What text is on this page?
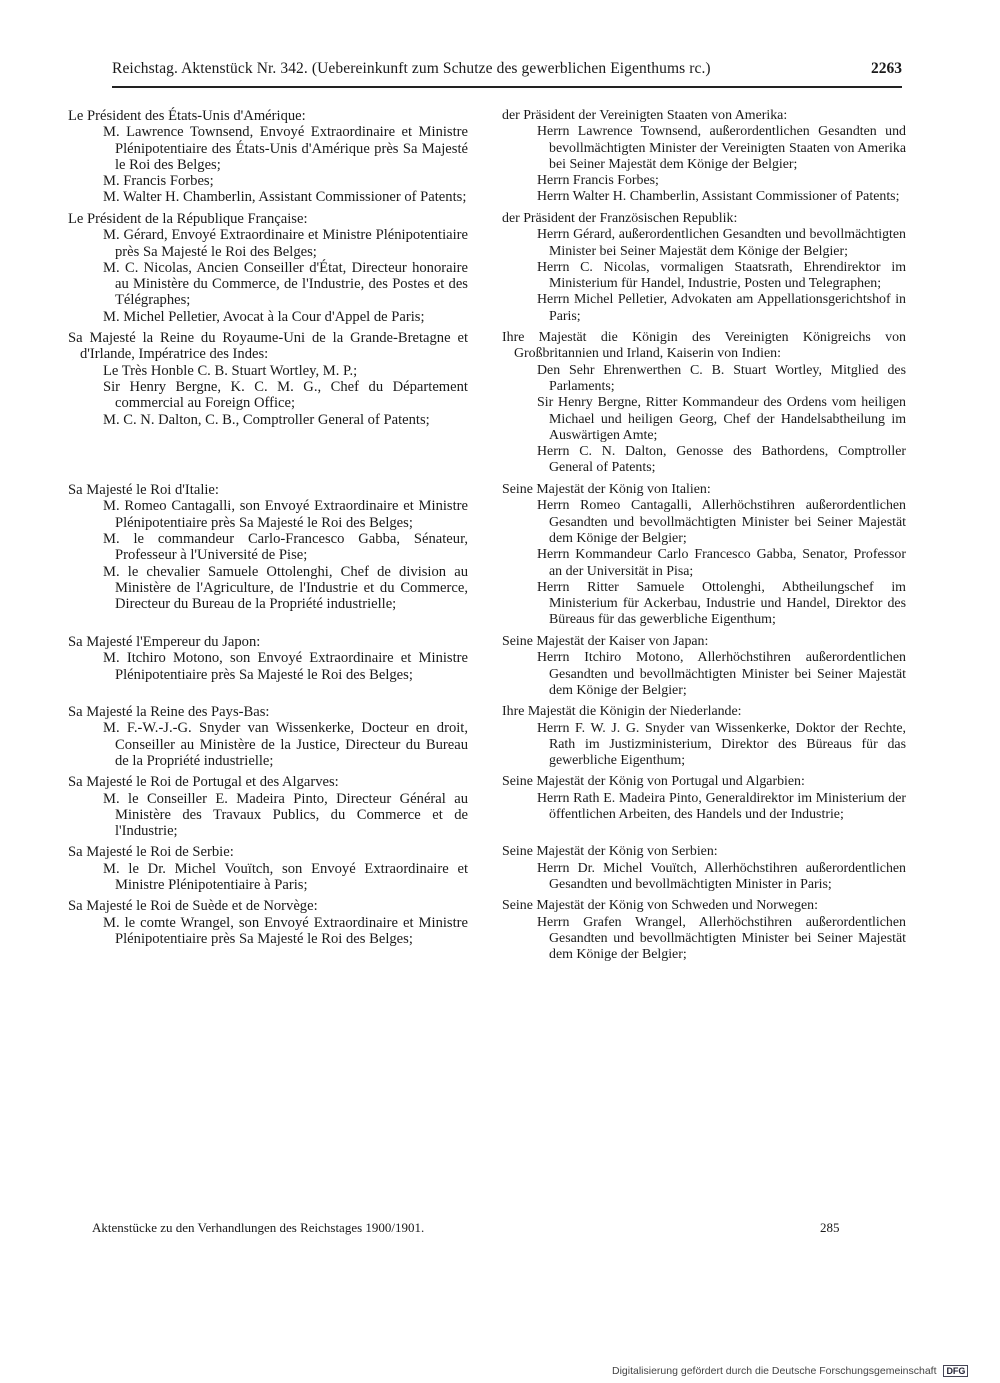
Reichstag. Aktenstück Nr. 342. (Uebereinkunft zum Schutze des gewerblichen Eigenthums rc.)	2263
Le Président des États-Unis d'Amérique:

M. Lawrence Townsend, Envoyé Extraordinaire et Ministre Plénipotentiaire des États-Unis d'Amérique près Sa Majesté le Roi des Belges;

M. Francis Forbes;

M. Walter H. Chamberlin, Assistant Commissioner of Patents;

Le Président de la République Française:

M. Gérard, Envoyé Extraordinaire et Ministre Plénipotentiaire près Sa Majesté le Roi des Belges;

M. C. Nicolas, Ancien Conseiller d'État, Directeur honoraire au Ministère du Commerce, de l'Industrie, des Postes et des Télégraphes;

M. Michel Pelletier, Avocat à la Cour d'Appel de Paris;

Sa Majesté la Reine du Royaume-Uni de la Grande-Bretagne et d'Irlande, Impératrice des Indes:

Le Très Honble C. B. Stuart Wortley, M. P.;

Sir Henry Bergne, K. C. M. G., Chef du Département commercial au Foreign Office;

M. C. N. Dalton, C. B., Comptroller General of Patents;

Sa Majesté le Roi d'Italie:

M. Romeo Cantagalli, son Envoyé Extraordinaire et Ministre Plénipotentiaire près Sa Majesté le Roi des Belges;

M. le commandeur Carlo-Francesco Gabba, Sénateur, Professeur à l'Université de Pise;

M. le chevalier Samuele Ottolenghi, Chef de division au Ministère de l'Agriculture, de l'Industrie et du Commerce, Directeur du Bureau de la Propriété industrielle;

Sa Majesté l'Empereur du Japon:

M. Itchiro Motono, son Envoyé Extraordinaire et Ministre Plénipotentiaire près Sa Majesté le Roi des Belges;

Sa Majesté la Reine des Pays-Bas:

M. F.-W.-J.-G. Snyder van Wissenkerke, Docteur en droit, Conseiller au Ministère de la Justice, Directeur du Bureau de la Propriété industrielle;

Sa Majesté le Roi de Portugal et des Algarves:

M. le Conseiller E. Madeira Pinto, Directeur Général au Ministère des Travaux Publics, du Commerce et de l'Industrie;

Sa Majesté le Roi de Serbie:

M. le Dr. Michel Vouïtch, son Envoyé Extraordinaire et Ministre Plénipotentiaire à Paris;

Sa Majesté le Roi de Suède et de Norvège:

M. le comte Wrangel, son Envoyé Extraordinaire et Ministre Plénipotentiaire près Sa Majesté le Roi des Belges;

der Präsident der Vereinigten Staaten von Amerika:

Herrn Lawrence Townsend, außerordentlichen Gesandten und bevollmächtigten Minister der Vereinigten Staaten von Amerika bei Seiner Majestät dem Könige der Belgier;

Herrn Francis Forbes;

Herrn Walter H. Chamberlin, Assistant Commissioner of Patents;

der Präsident der Französischen Republik:

Herrn Gérard, außerordentlichen Gesandten und bevollmächtigten Minister bei Seiner Majestät dem Könige der Belgier;

Herrn C. Nicolas, vormaligen Staatsrath, Ehrendirektor im Ministerium für Handel, Industrie, Posten und Telegraphen;

Herrn Michel Pelletier, Advokaten am Appellationsgerichtshof in Paris;

Ihre Majestät die Königin des Vereinigten Königreichs von Großbritannien und Irland, Kaiserin von Indien:

Den Sehr Ehrenwerthen C. B. Stuart Wortley, Mitglied des Parlaments;

Sir Henry Bergne, Ritter Kommandeur des Ordens vom heiligen Michael und heiligen Georg, Chef der Handelsabtheilung im Auswärtigen Amte;

Herrn C. N. Dalton, Genosse des Bathordens, Comptroller General of Patents;

Seine Majestät der König von Italien:

Herrn Romeo Cantagalli, Allerhöchstihren außerordentlichen Gesandten und bevollmächtigten Minister bei Seiner Majestät dem Könige der Belgier;

Herrn Kommandeur Carlo Francesco Gabba, Senator, Professor an der Universität in Pisa;

Herrn Ritter Samuele Ottolenghi, Abtheilungschef im Ministerium für Ackerbau, Industrie und Handel, Direktor des Büreaus für das gewerbliche Eigenthum;

Seine Majestät der Kaiser von Japan:

Herrn Itchiro Motono, Allerhöchstihren außerordentlichen Gesandten und bevollmächtigten Minister bei Seiner Majestät dem Könige der Belgier;

Ihre Majestät die Königin der Niederlande:

Herrn F. W. J. G. Snyder van Wissenkerke, Doktor der Rechte, Rath im Justizministerium, Direktor des Büreaus für das gewerbliche Eigenthum;

Seine Majestät der König von Portugal und Algarbien:

Herrn Rath E. Madeira Pinto, Generaldirektor im Ministerium der öffentlichen Arbeiten, des Handels und der Industrie;

Seine Majestät der König von Serbien:

Herrn Dr. Michel Vouïtch, Allerhöchstihren außerordentlichen Gesandten und bevollmächtigten Minister in Paris;

Seine Majestät der König von Schweden und Norwegen:

Herrn Grafen Wrangel, Allerhöchstihren außerordentlichen Gesandten und bevollmächtigten Minister bei Seiner Majestät dem Könige der Belgier;

Aktenstücke zu den Verhandlungen des Reichstages 1900/1901.	285
Digitalisierung gefördert durch die Deutsche Forschungsgemeinschaft DFG
